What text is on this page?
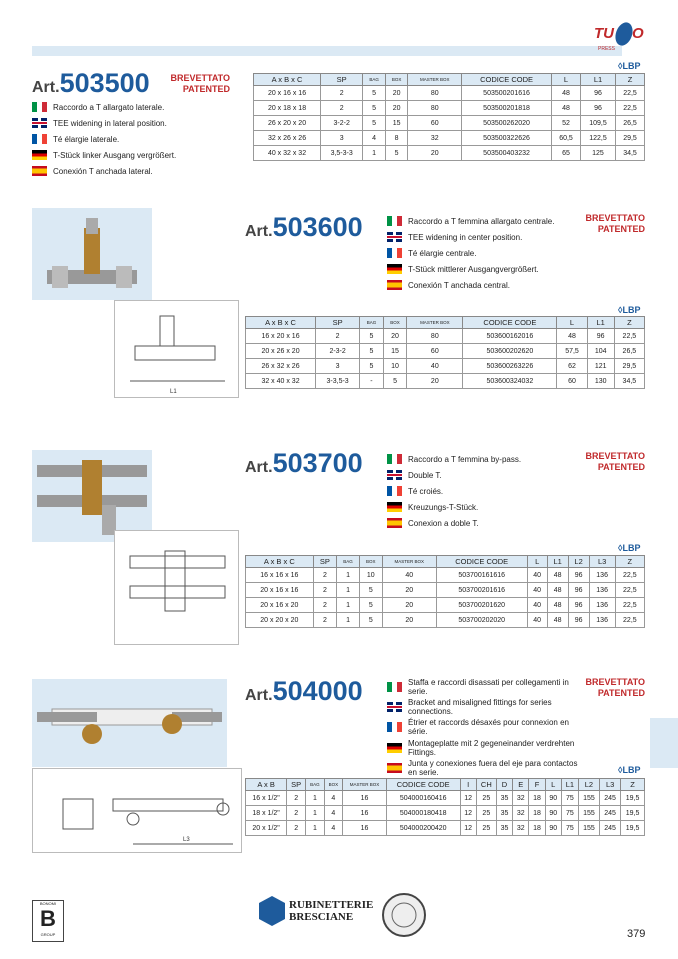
TU O
PRESS
Art.503500	BREVETTATO
PATENTED
Raccordo a T allargato laterale.
TEE widening in lateral position.
Té élargie laterale.
T-Stück linker Ausgang vergrößert.
Conexión T anchada lateral.
◊LBP
A x B x C	SP	BAG	BOX	MASTER BOX	CODICE CODE	L	L1	Z
20 x 16 x 16	2	5	20	80	503500201616	48	96	22,5
20 x 18 x 18	2	5	20	80	503500201818	48	96	22,5
26 x 20 x 20	3-2-2	5	15	60	503500262020	52	109,5	26,5
32 x 26 x 26	3	4	8	32	503500322626	60,5	122,5	29,5
40 x 32 x 32	3,5-3-3	1	5	20	503500403232	65	125	34,5
L1
Art.503600	Raccordo a T femmina allargato centrale.
TEE widening in center position.
Té élargie centrale.
T-Stück mittlerer Ausgangvergrößert.
Conexión T anchada central.
BREVETTATO
PATENTED
◊LBP
A x B x C	SP	BAG	BOX	MASTER BOX	CODICE CODE	L	L1	Z
16 x 20 x 16	2	5	20	80	503600162016	48	96	22,5
20 x 26 x 20	2-3-2	5	15	60	503600202620	57,5	104	26,5
26 x 32 x 26	3	5	10	40	503600263226	62	121	29,5
32 x 40 x 32	3-3,5-3	-	5	20	503600324032	60	130	34,5
Art.503700	Raccordo a T femmina by-pass.
Double T.
Té croiés.
Kreuzungs-T-Stück.
Conexion a doble T.
BREVETTATO
PATENTED
◊LBP
A x B x C	SP	BAG	BOX	MASTER BOX	CODICE CODE	L	L1	L2	L3	Z
16 x 16 x 16	2	1	10	40	503700161616	40	48	96	136	22,5
20 x 16 x 16	2	1	5	20	503700201616	40	48	96	136	22,5
20 x 16 x 20	2	1	5	20	503700201620	40	48	96	136	22,5
20 x 20 x 20	2	1	5	20	503700202020	40	48	96	136	22,5
L3
Art.504000	Staffa e raccordi disassati per collegamenti in serie.
Bracket and misaligned fittings for series connections.
Étrier et raccords désaxés pour connexion en série.
Montageplatte mit 2 gegeneinander verdrehten Fittings.
Junta y conexiones fuera del eje para contactos en serie.
BREVETTATO
PATENTED
◊LBP
A x B	SP	BAG	BOX	MASTER BOX	CODICE CODE	I	CH	D	E	F	L	L1	L2	L3	Z
16 x 1/2"	2	1	4	16	504000160416	12	25	35	32	18	90	75	155	245	19,5
18 x 1/2"	2	1	4	16	504000180418	12	25	35	32	18	90	75	155	245	19,5
20 x 1/2"	2	1	4	16	504000200420	12	25	35	32	18	90	75	155	245	19,5
BONOMI
B
GROUP
RUBINETTERIE
BRESCIANE
379
